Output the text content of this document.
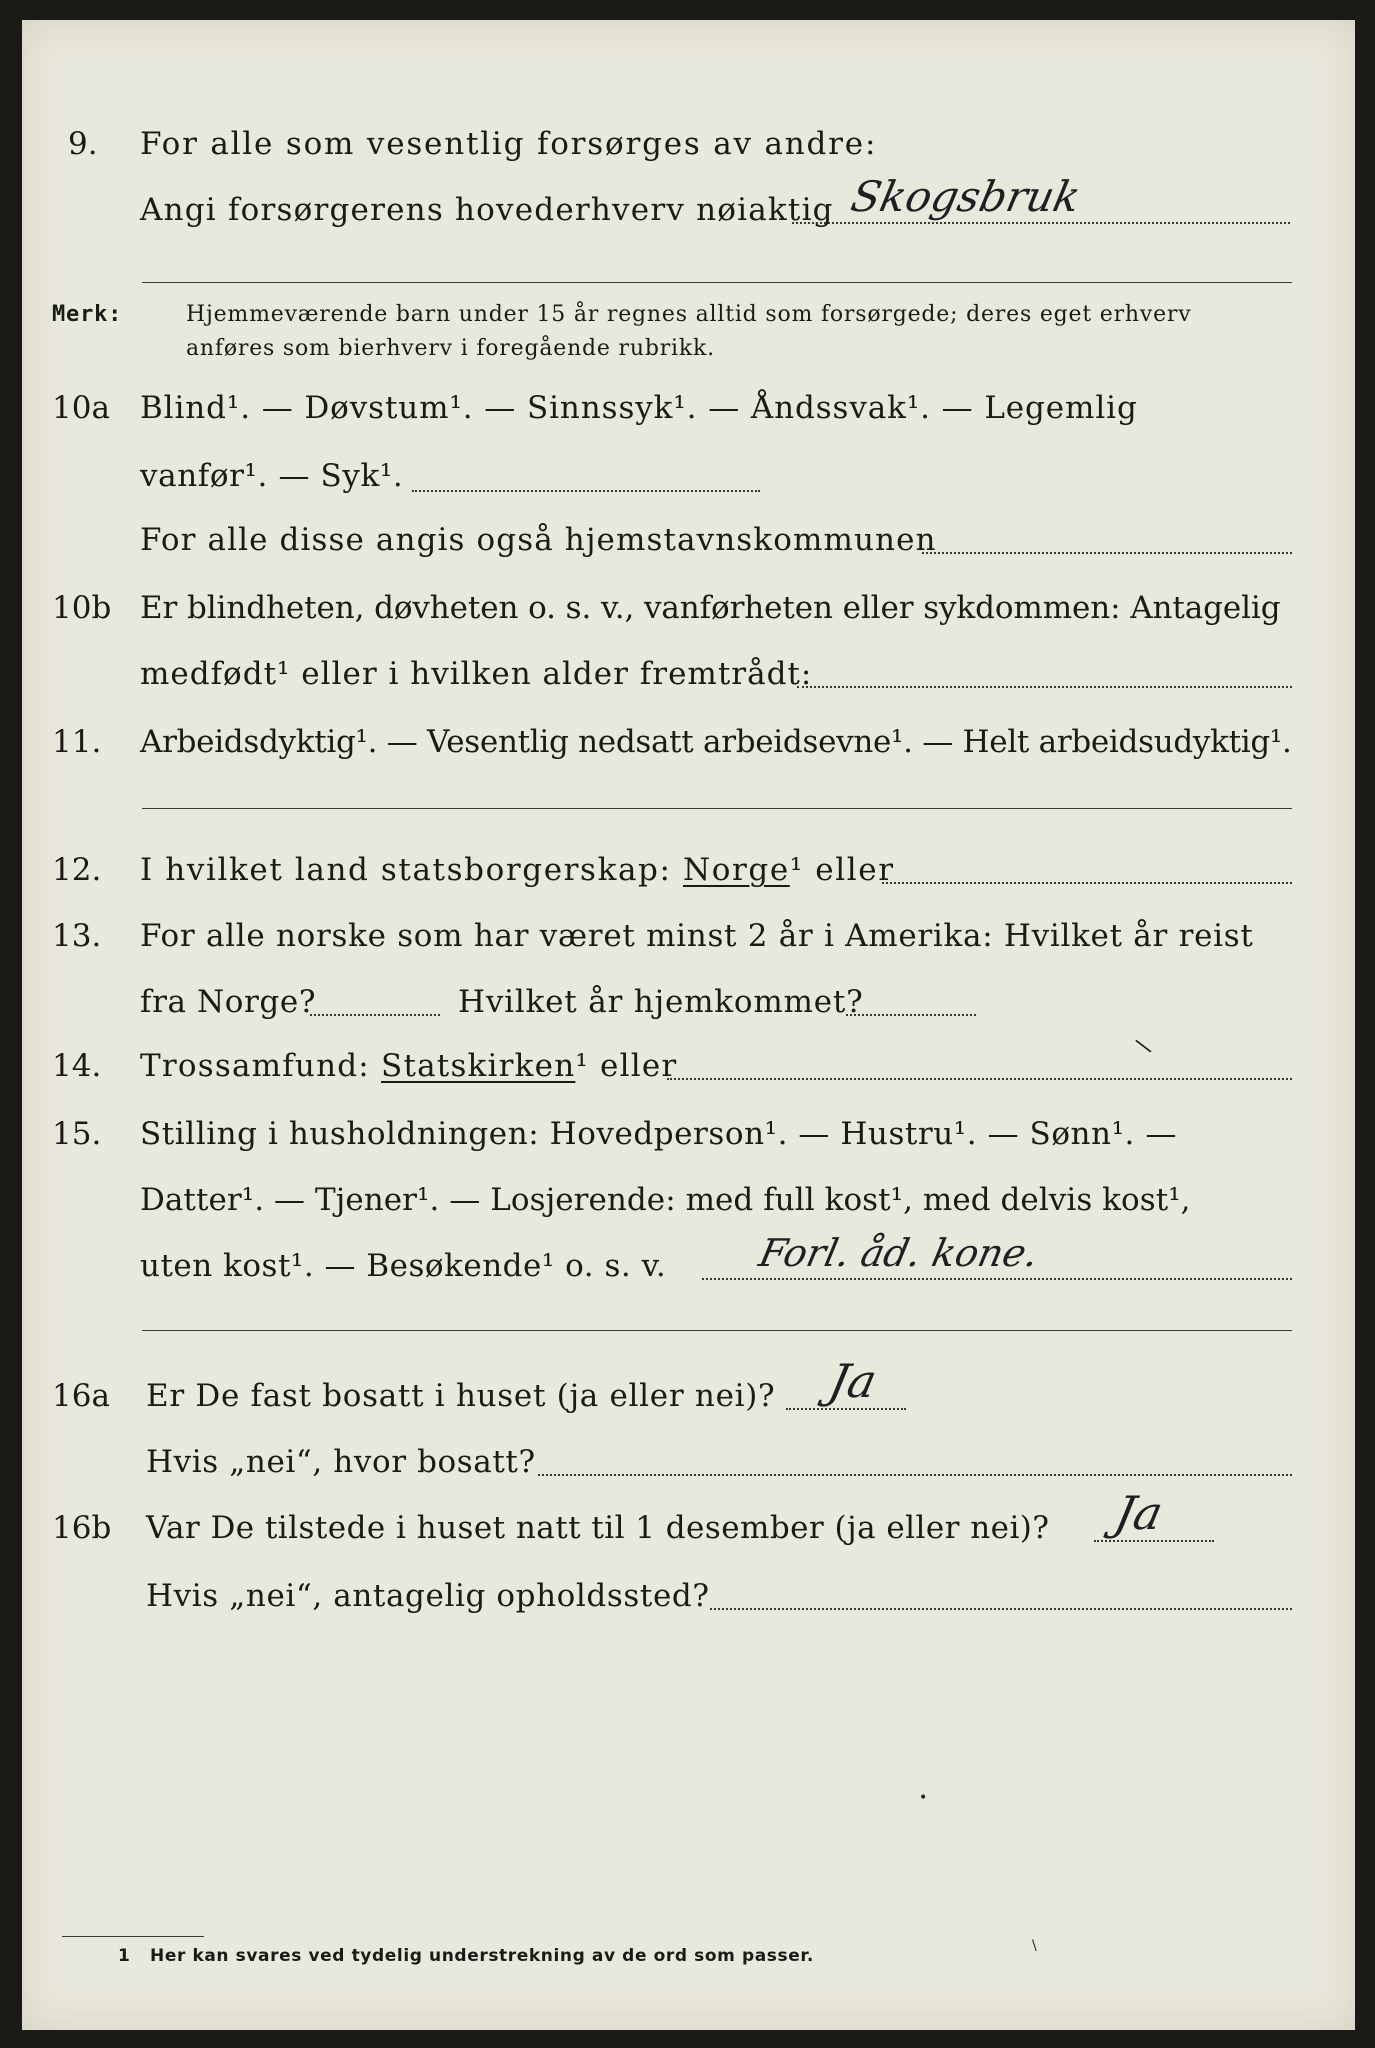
9. For alle som vesentlig forsørges av andre:
Angi forsørgerens hovederhverv nøiaktig Skogsbruk
Merk:	Hjemmeværende barn under 15 år regnes alltid som forsørgede; deres eget erhverv
anføres som bierhverv i foregående rubrikk.
10a Blind¹. — Døvstum¹. — Sinnssyk¹. — Åndssvak¹. — Legemlig
vanfør¹. — Syk¹.
For alle disse angis også hjemstavnskommunen
10b Er blindheten, døvheten o. s. v., vanførheten eller sykdommen: Antagelig
medfødt¹ eller i hvilken alder fremtrådt:
11. Arbeidsdyktig¹. — Vesentlig nedsatt arbeidsevne¹. — Helt arbeidsudyktig¹.
12. I hvilket land statsborgerskap: Norge¹ eller
13. For alle norske som har været minst 2 år i Amerika: Hvilket år reist
fra Norge?	Hvilket år hjemkommet?
14. Trossamfund: Statskirken¹ eller
\
15. Stilling i husholdningen: Hovedperson¹. — Hustru¹. — Sønn¹. —
Datter¹. — Tjener¹. — Losjerende: med full kost¹, med delvis kost¹,
uten kost¹. — Besøkende¹ o. s. v. Forl. åd. kone.
16a Er De fast bosatt i huset (ja eller nei)? Ja
Hvis „nei“, hvor bosatt?
16b Var De tilstede i huset natt til 1 desember (ja eller nei)? Ja
Hvis „nei“, antagelig opholdssted?
•
1 Her kan svares ved tydelig understrekning av de ord som passer.	\
